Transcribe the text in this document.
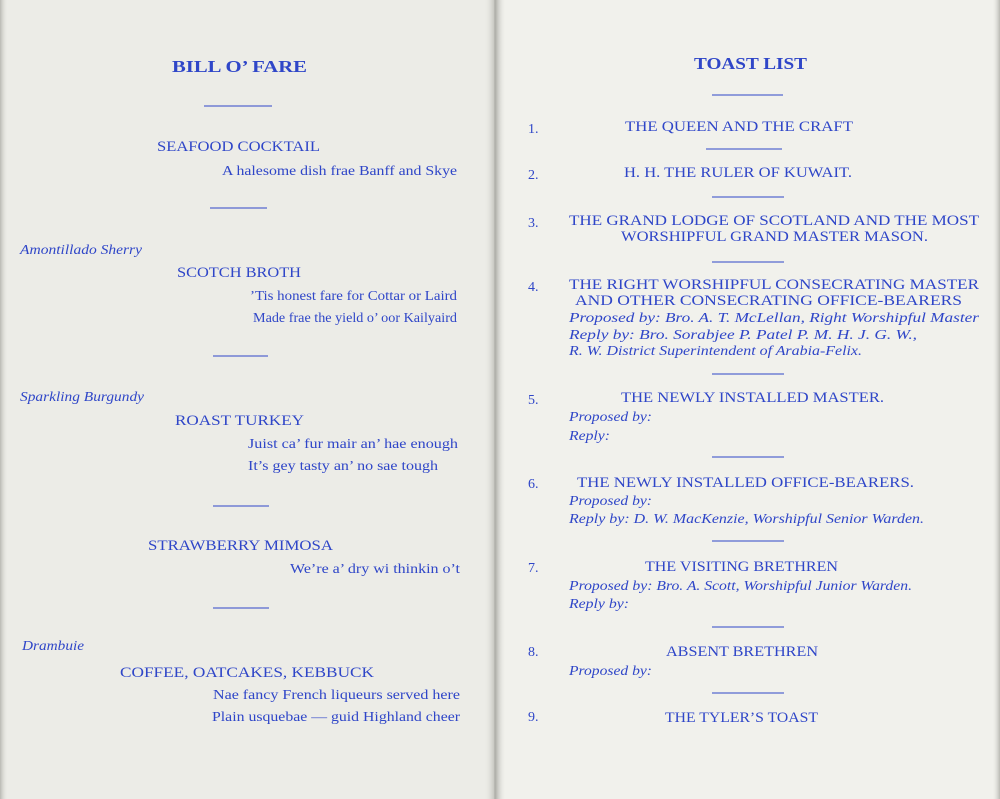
BILL O’ FARE
SEAFOOD COCKTAIL
A halesome dish frae Banff and Skye
Amontillado Sherry
SCOTCH BROTH
’Tis honest fare for Cottar or Laird
Made frae the yield o’ oor Kailyaird
Sparkling Burgundy
ROAST TURKEY
Juist ca’ fur mair an’ hae enough
It’s gey tasty an’ no sae tough
STRAWBERRY MIMOSA
We’re a’ dry wi thinkin o’t
Drambuie
COFFEE, OATCAKES, KEBBUCK
Nae fancy French liqueurs served here
Plain usquebae — guid Highland cheer
TOAST LIST
1.	THE QUEEN AND THE CRAFT
2.	H. H. THE RULER OF KUWAIT.
3. THE GRAND LODGE OF SCOTLAND AND THE MOST
WORSHIPFUL GRAND MASTER MASON.
4. THE RIGHT WORSHIPFUL CONSECRATING MASTER
AND OTHER CONSECRATING OFFICE-BEARERS
Proposed by: Bro. A. T. McLellan, Right Worshipful Master
Reply by: Bro. Sorabjee P. Patel P. M. H. J. G. W.,
R. W. District Superintendent of Arabia-Felix.
5.	THE NEWLY INSTALLED MASTER.
Proposed by:
Reply:
6.	THE NEWLY INSTALLED OFFICE-BEARERS.
Proposed by:
Reply by: D. W. MacKenzie, Worshipful Senior Warden.
7.	THE VISITING BRETHREN
Proposed by: Bro. A. Scott, Worshipful Junior Warden.
Reply by:
8.	ABSENT BRETHREN
Proposed by:
9.	THE TYLER’S TOAST
